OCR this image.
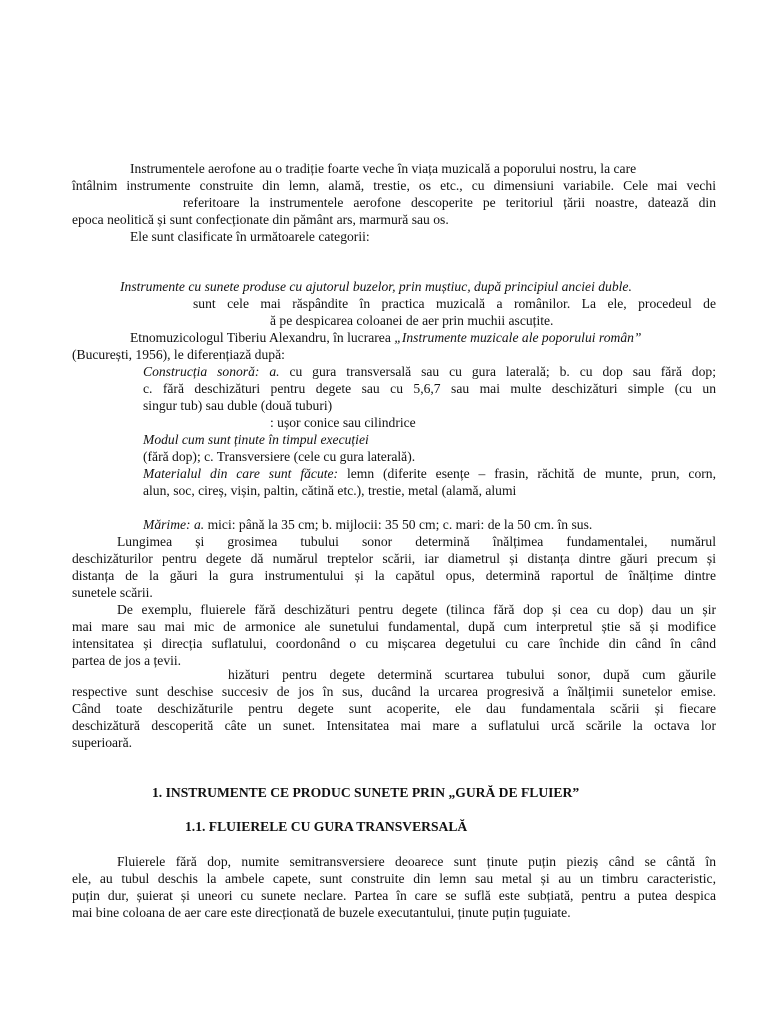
Instrumentele aerofone au o tradiție foarte veche în viața muzicală a poporului nostru, la care
întâlnim instrumente construite din lemn, alamă, trestie, os etc., cu dimensiuni variabile. Cele mai vechi
referitoare la instrumentele aerofone descoperite pe teritoriul țării noastre, datează din
epoca neolitică și sunt confecționate din pământ ars, marmură sau os.
Ele sunt clasificate în următoarele categorii:
Instrumente cu sunete produse cu ajutorul buzelor, prin muștiuc, după principiul anciei duble.
sunt cele mai răspândite în practica muzicală a românilor. La ele, procedeul de
ă pe despicarea coloanei de aer prin muchii ascuțite.
Etnomuzicologul Tiberiu Alexandru, în lucrarea „Instrumente muzicale ale poporului român”
(București, 1956), le diferențiază după:
Construcția sonoră: a. cu gura transversală sau cu gura laterală; b. cu dop sau fără dop;
c. fără deschizături pentru degete sau cu 5,6,7 sau mai multe deschizături simple (cu un
singur tub) sau duble (două tuburi)
: ușor conice sau cilindrice
Modul cum sunt ținute în timpul execuției
(fără dop); c. Transversiere (cele cu gura laterală).
Materialul din care sunt făcute: lemn (diferite esențe – frasin, răchită de munte, prun, corn,
alun, soc, cireș, vișin, paltin, cătină etc.), trestie, metal (alamă, alumi
Mărime: a. mici: până la 35 cm; b. mijlocii: 35 50 cm; c. mari: de la 50 cm. în sus.
Lungimea și grosimea tubului sonor determină înălțimea fundamentalei, numărul
deschizăturilor pentru degete dă numărul treptelor scării, iar diametrul și distanța dintre găuri precum și
distanța de la găuri la gura instrumentului și la capătul opus, determină raportul de înălțime dintre
sunetele scării.
De exemplu, fluierele fără deschizături pentru degete (tilinca fără dop și cea cu dop) dau un șir
mai mare sau mai mic de armonice ale sunetului fundamental, după cum interpretul știe să și modifice
intensitatea și direcția suflatului, coordonând o cu mișcarea degetului cu care închide din când în când
partea de jos a țevii.
hizături pentru degete determină scurtarea tubului sonor, după cum găurile
respective sunt deschise succesiv de jos în sus, ducând la urcarea progresivă a înălțimii sunetelor emise.
Când toate deschizăturile pentru degete sunt acoperite, ele dau fundamentala scării și fiecare
deschizătură descoperită câte un sunet. Intensitatea mai mare a suflatului urcă scările la octava lor
superioară.
1. INSTRUMENTE CE PRODUC SUNETE PRIN „GURĂ DE FLUIER”
1.1. FLUIERELE CU GURA TRANSVERSALĂ
Fluierele fără dop, numite semitransversiere deoarece sunt ținute puțin pieziș când se cântă în
ele, au tubul deschis la ambele capete, sunt construite din lemn sau metal și au un timbru caracteristic,
puțin dur, șuierat și uneori cu sunete neclare. Partea în care se suflă este subțiată, pentru a putea despica
mai bine coloana de aer care este direcționată de buzele executantului, ținute puțin țuguiate.
